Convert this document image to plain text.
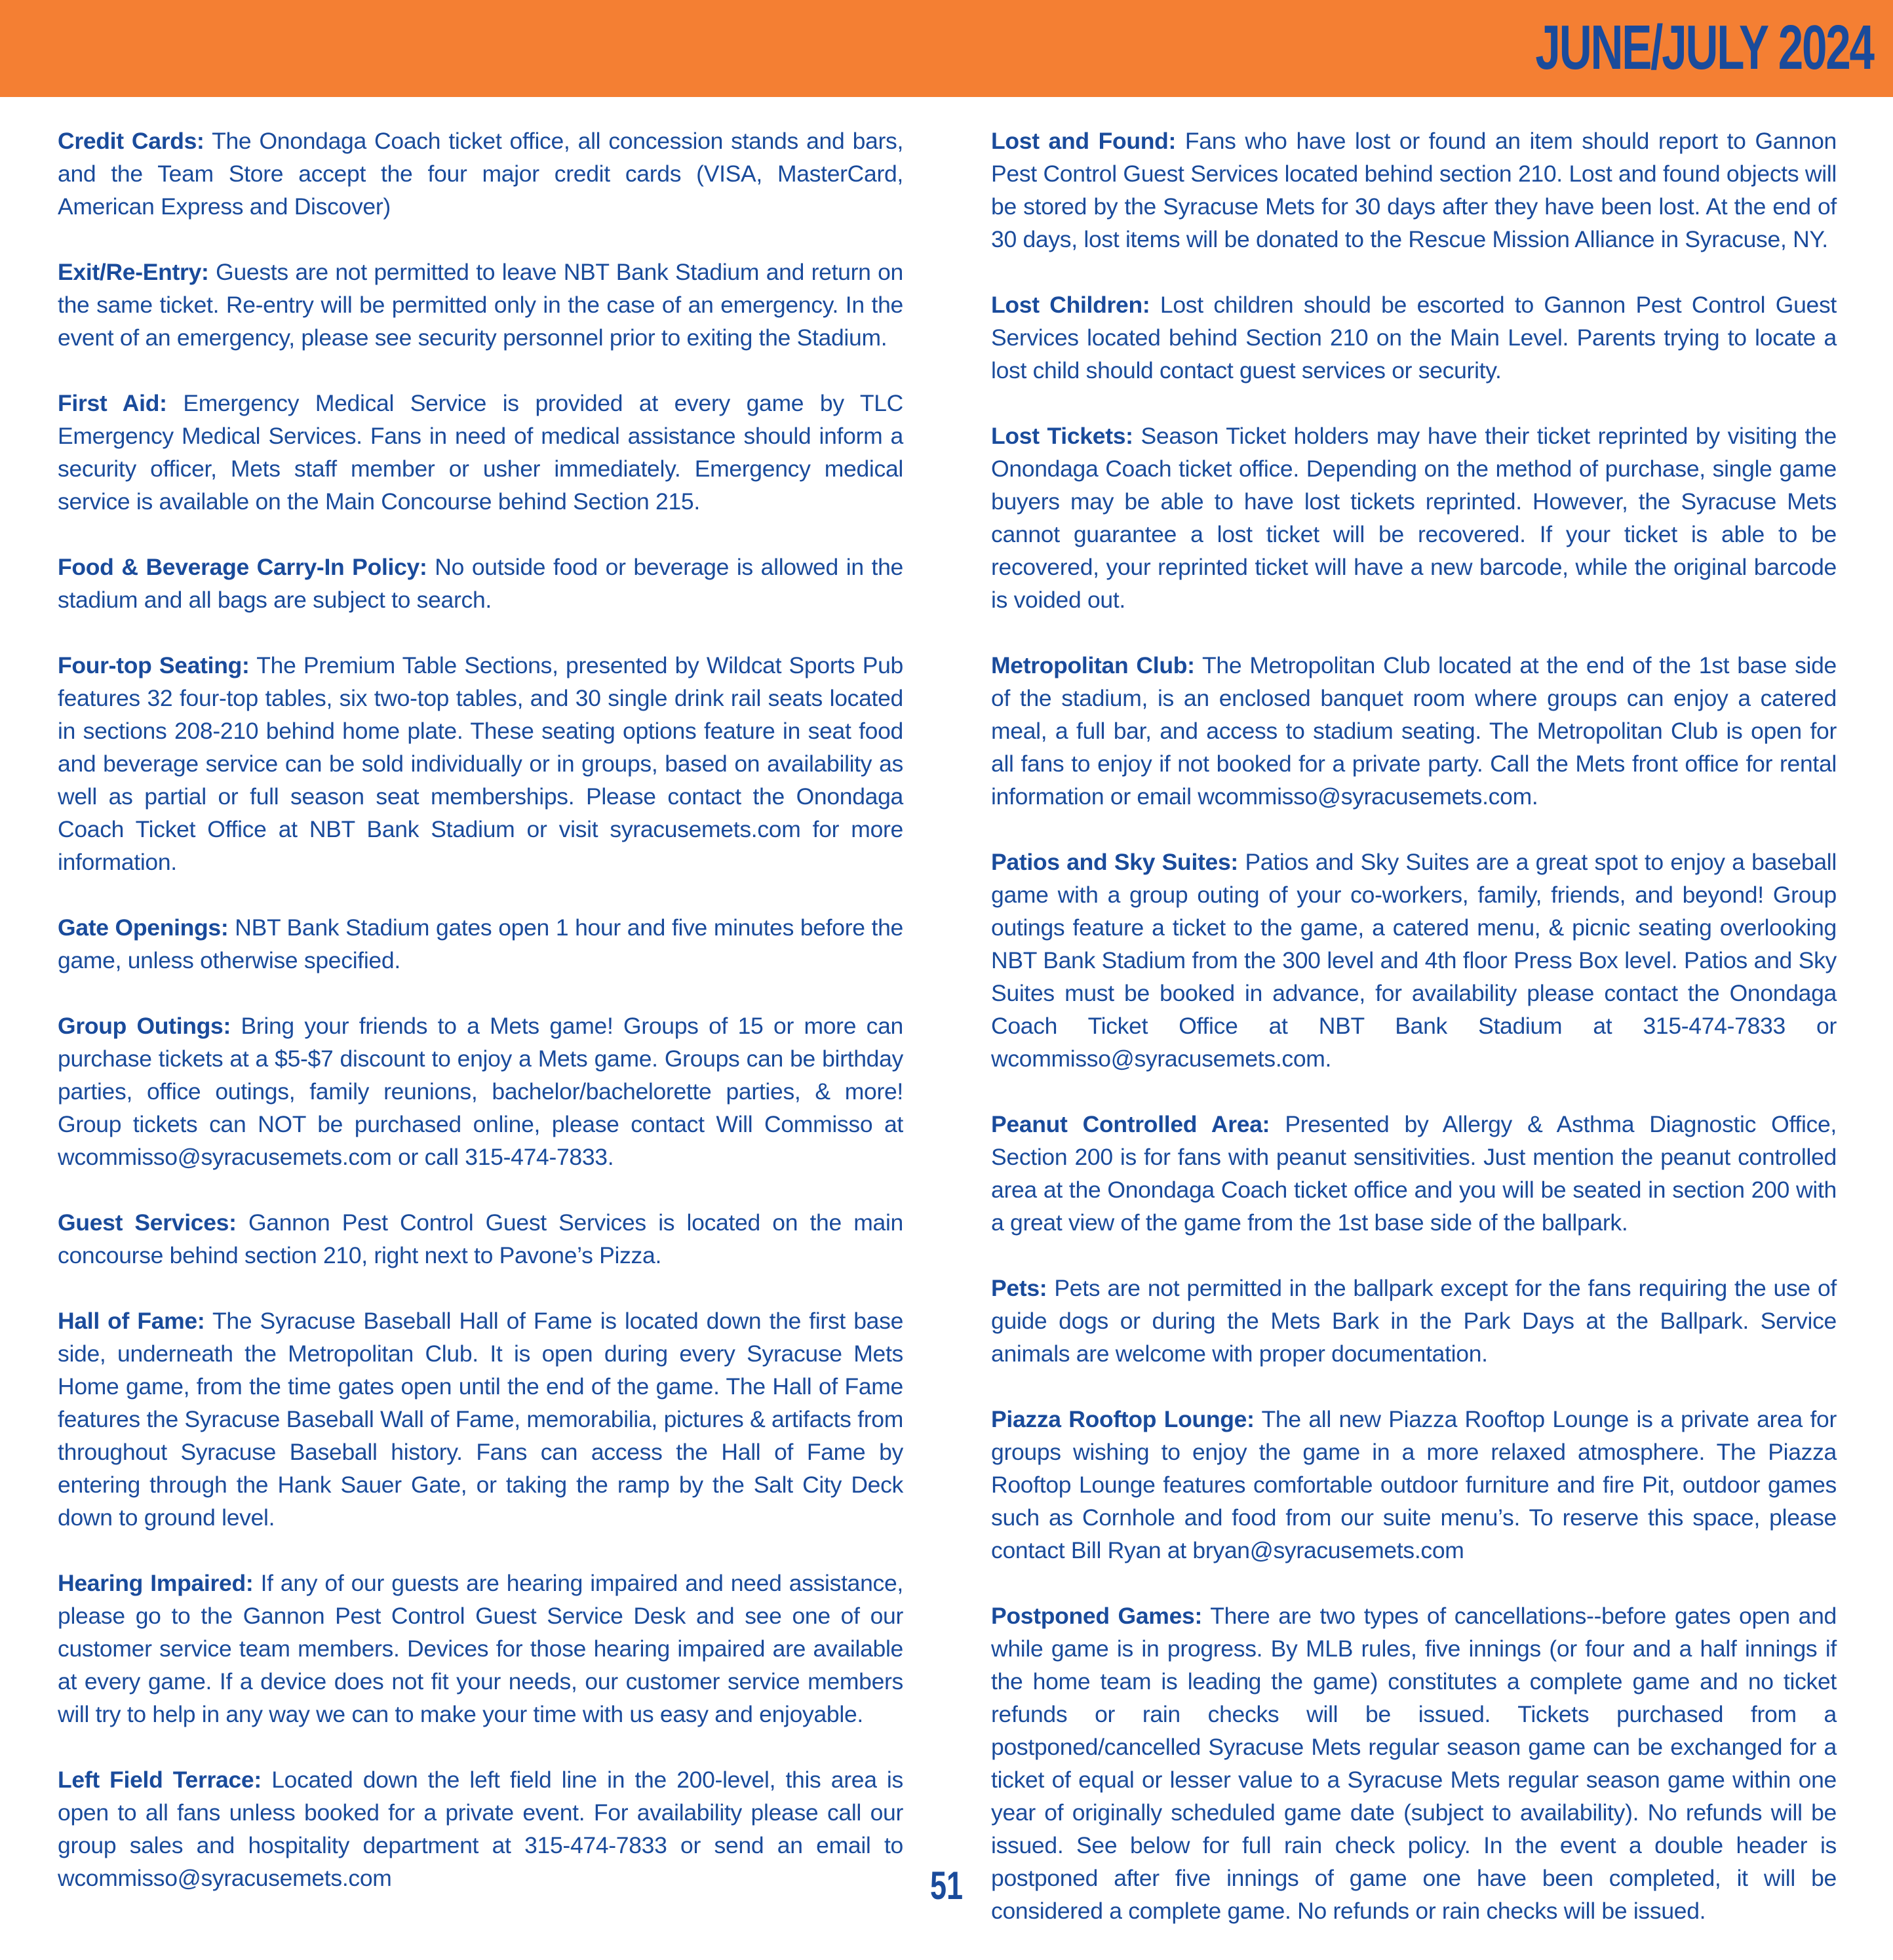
JUNE/JULY 2024

Credit Cards: The Onondaga Coach ticket office, all concession stands and bars, and the Team Store accept the four major credit cards (VISA, MasterCard, American Express and Discover)

Exit/Re-Entry: Guests are not permitted to leave NBT Bank Stadium and return on the same ticket. Re-entry will be permitted only in the case of an emergency. In the event of an emergency, please see security personnel prior to exiting the Stadium.

First Aid: Emergency Medical Service is provided at every game by TLC Emergency Medical Services. Fans in need of medical assistance should inform a security officer, Mets staff member or usher immediately. Emergency medical service is available on the Main Concourse behind Section 215.

Food & Beverage Carry-In Policy: No outside food or beverage is allowed in the stadium and all bags are subject to search.

Four-top Seating: The Premium Table Sections, presented by Wildcat Sports Pub features 32 four-top tables, six two-top tables, and 30 single drink rail seats located in sections 208-210 behind home plate. These seating options feature in seat food and beverage service can be sold individually or in groups, based on availability as well as partial or full season seat memberships. Please contact the Onondaga Coach Ticket Office at NBT Bank Stadium or visit syracusemets.com for more information.

Gate Openings: NBT Bank Stadium gates open 1 hour and five minutes before the game, unless otherwise specified.

Group Outings: Bring your friends to a Mets game! Groups of 15 or more can purchase tickets at a $5-$7 discount to enjoy a Mets game. Groups can be birthday parties, office outings, family reunions, bachelor/bachelorette parties, & more! Group tickets can NOT be purchased online, please contact Will Commisso at wcommisso@syracusemets.com or call 315-474-7833.

Guest Services: Gannon Pest Control Guest Services is located on the main concourse behind section 210, right next to Pavone’s Pizza.

Hall of Fame: The Syracuse Baseball Hall of Fame is located down the first base side, underneath the Metropolitan Club. It is open during every Syracuse Mets Home game, from the time gates open until the end of the game. The Hall of Fame features the Syracuse Baseball Wall of Fame, memorabilia, pictures & artifacts from throughout Syracuse Baseball history. Fans can access the Hall of Fame by entering through the Hank Sauer Gate, or taking the ramp by the Salt City Deck down to ground level.

Hearing Impaired: If any of our guests are hearing impaired and need assistance, please go to the Gannon Pest Control Guest Service Desk and see one of our customer service team members. Devices for those hearing impaired are available at every game. If a device does not fit your needs, our customer service members will try to help in any way we can to make your time with us easy and enjoyable.

Left Field Terrace: Located down the left field line in the 200-level, this area is open to all fans unless booked for a private event. For availability please call our group sales and hospitality department at 315-474-7833 or send an email to wcommisso@syracusemets.com

Lost and Found: Fans who have lost or found an item should report to Gannon Pest Control Guest Services located behind section 210. Lost and found objects will be stored by the Syracuse Mets for 30 days after they have been lost. At the end of 30 days, lost items will be donated to the Rescue Mission Alliance in Syracuse, NY.

Lost Children: Lost children should be escorted to Gannon Pest Control Guest Services located behind Section 210 on the Main Level. Parents trying to locate a lost child should contact guest services or security.

Lost Tickets: Season Ticket holders may have their ticket reprinted by visiting the Onondaga Coach ticket office. Depending on the method of purchase, single game buyers may be able to have lost tickets reprinted. However, the Syracuse Mets cannot guarantee a lost ticket will be recovered. If your ticket is able to be recovered, your reprinted ticket will have a new barcode, while the original barcode is voided out.

Metropolitan Club: The Metropolitan Club located at the end of the 1st base side of the stadium, is an enclosed banquet room where groups can enjoy a catered meal, a full bar, and access to stadium seating. The Metropolitan Club is open for all fans to enjoy if not booked for a private party. Call the Mets front office for rental information or email wcommisso@syracusemets.com.

Patios and Sky Suites: Patios and Sky Suites are a great spot to enjoy a baseball game with a group outing of your co-workers, family, friends, and beyond! Group outings feature a ticket to the game, a catered menu, & picnic seating overlooking NBT Bank Stadium from the 300 level and 4th floor Press Box level. Patios and Sky Suites must be booked in advance, for availability please contact the Onondaga Coach Ticket Office at NBT Bank Stadium at 315-474-7833 or wcommisso@syracusemets.com.

Peanut Controlled Area: Presented by Allergy & Asthma Diagnostic Office, Section 200 is for fans with peanut sensitivities. Just mention the peanut controlled area at the Onondaga Coach ticket office and you will be seated in section 200 with a great view of the game from the 1st base side of the ballpark.

Pets: Pets are not permitted in the ballpark except for the fans requiring the use of guide dogs or during the Mets Bark in the Park Days at the Ballpark. Service animals are welcome with proper documentation.

Piazza Rooftop Lounge: The all new Piazza Rooftop Lounge is a private area for groups wishing to enjoy the game in a more relaxed atmosphere. The Piazza Rooftop Lounge features comfortable outdoor furniture and fire Pit, outdoor games such as Cornhole and food from our suite menu’s. To reserve this space, please contact Bill Ryan at bryan@syracusemets.com

Postponed Games: There are two types of cancellations--before gates open and while game is in progress. By MLB rules, five innings (or four and a half innings if the home team is leading the game) constitutes a complete game and no ticket refunds or rain checks will be issued. Tickets purchased from a postponed/cancelled Syracuse Mets regular season game can be exchanged for a ticket of equal or lesser value to a Syracuse Mets regular season game within one year of originally scheduled game date (subject to availability). No refunds will be issued. See below for full rain check policy. In the event a double header is postponed after five innings of game one have been completed, it will be considered a complete game. No refunds or rain checks will be issued.

51
